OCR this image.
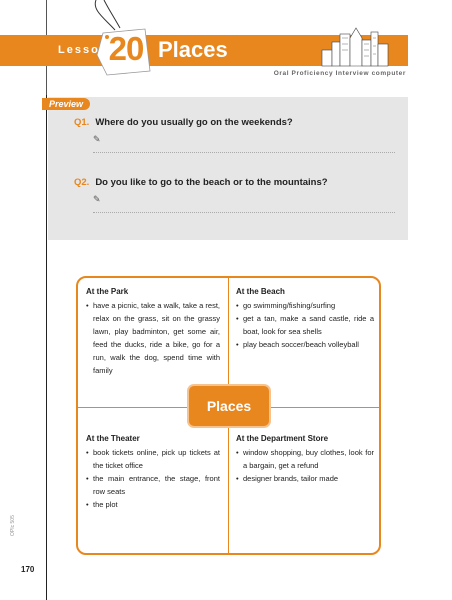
Lesson 20 Places
Oral Proficiency Interview computer
Preview
Q1. Where do you usually go on the weekends?
✎
Q2. Do you like to go to the beach or to the mountains?
✎
At the Park
• have a picnic, take a walk, take a rest, relax on the grass, sit on the grassy lawn, play badminton, get some air, feed the ducks, ride a bike, go for a run, walk the dog, spend time with family
At the Beach
• go swimming/fishing/surfing
• get a tan, make a sand castle, ride a boat, look for sea shells
• play beach soccer/beach volleyball
At the Theater
• book tickets online, pick up tickets at the ticket office
• the main entrance, the stage, front row seats
• the plot
At the Department Store
• window shopping, buy clothes, look for a bargain, get a refund
• designer brands, tailor made
Places
OPIc 505
170
